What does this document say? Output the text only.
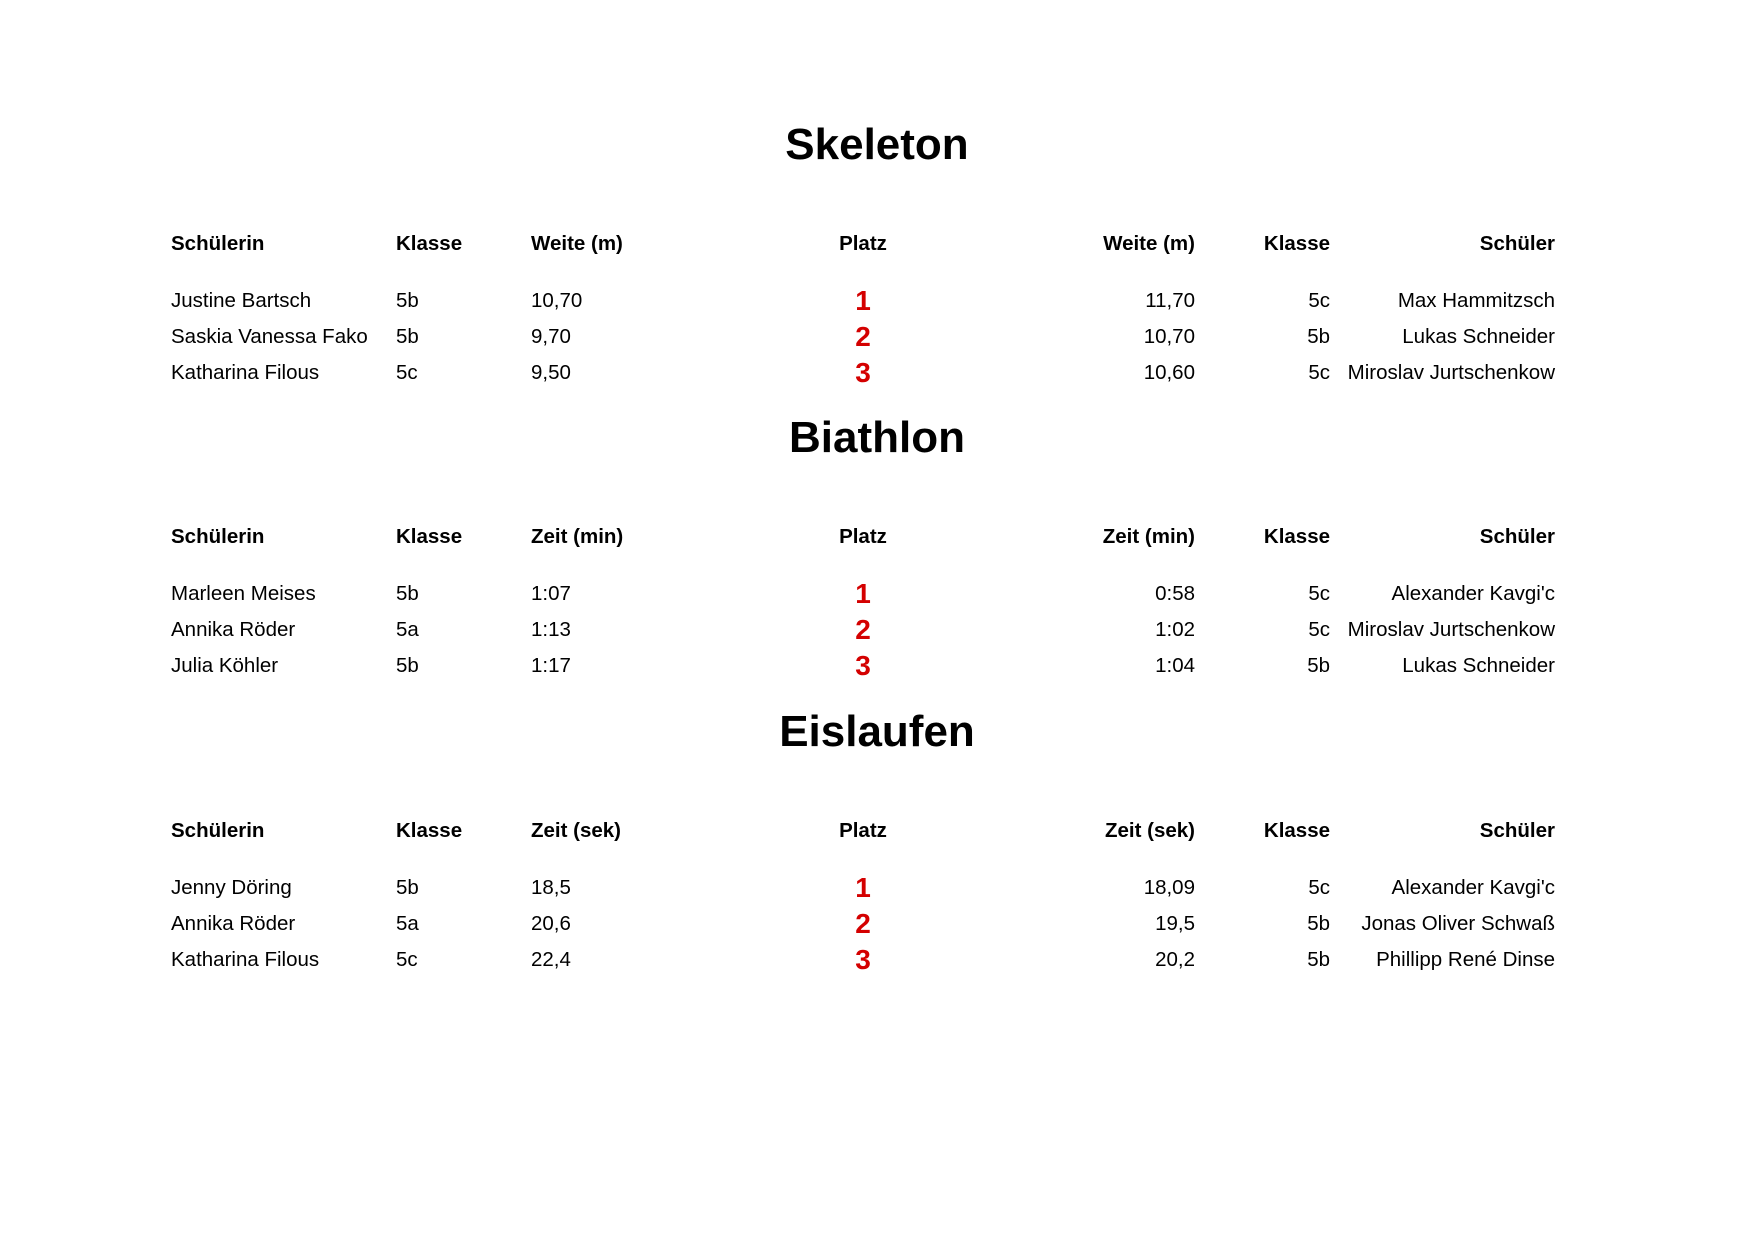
Skeleton
Schülerin	Klasse	Weite (m)	Platz	Weite (m)	Klasse	Schüler
Justine Bartsch	5b	10,70	1	11,70	5c	Max Hammitzsch
Saskia Vanessa Fako 5b	9,70	2	10,70	5b	Lukas Schneider
Katharina Filous	5c	9,50	3	10,60	5c Miroslav Jurtschenkow
Biathlon
Schülerin	Klasse	Zeit (min)	Platz	Zeit (min)	Klasse	Schüler
Marleen Meises	5b	1:07	1	0:58	5c	Alexander Kavgi'c
Annika Röder	5a	1:13	2	1:02	5c Miroslav Jurtschenkow
Julia Köhler	5b	1:17	3	1:04	5b	Lukas Schneider
Eislaufen
Schülerin	Klasse	Zeit (sek)	Platz	Zeit (sek)	Klasse	Schüler
Jenny Döring	5b	18,5	1	18,09	5c	Alexander Kavgi'c
Annika Röder	5a	20,6	2	19,5	5b Jonas Oliver Schwaß
Katharina Filous	5c	22,4	3	20,2	5b Phillipp René Dinse
